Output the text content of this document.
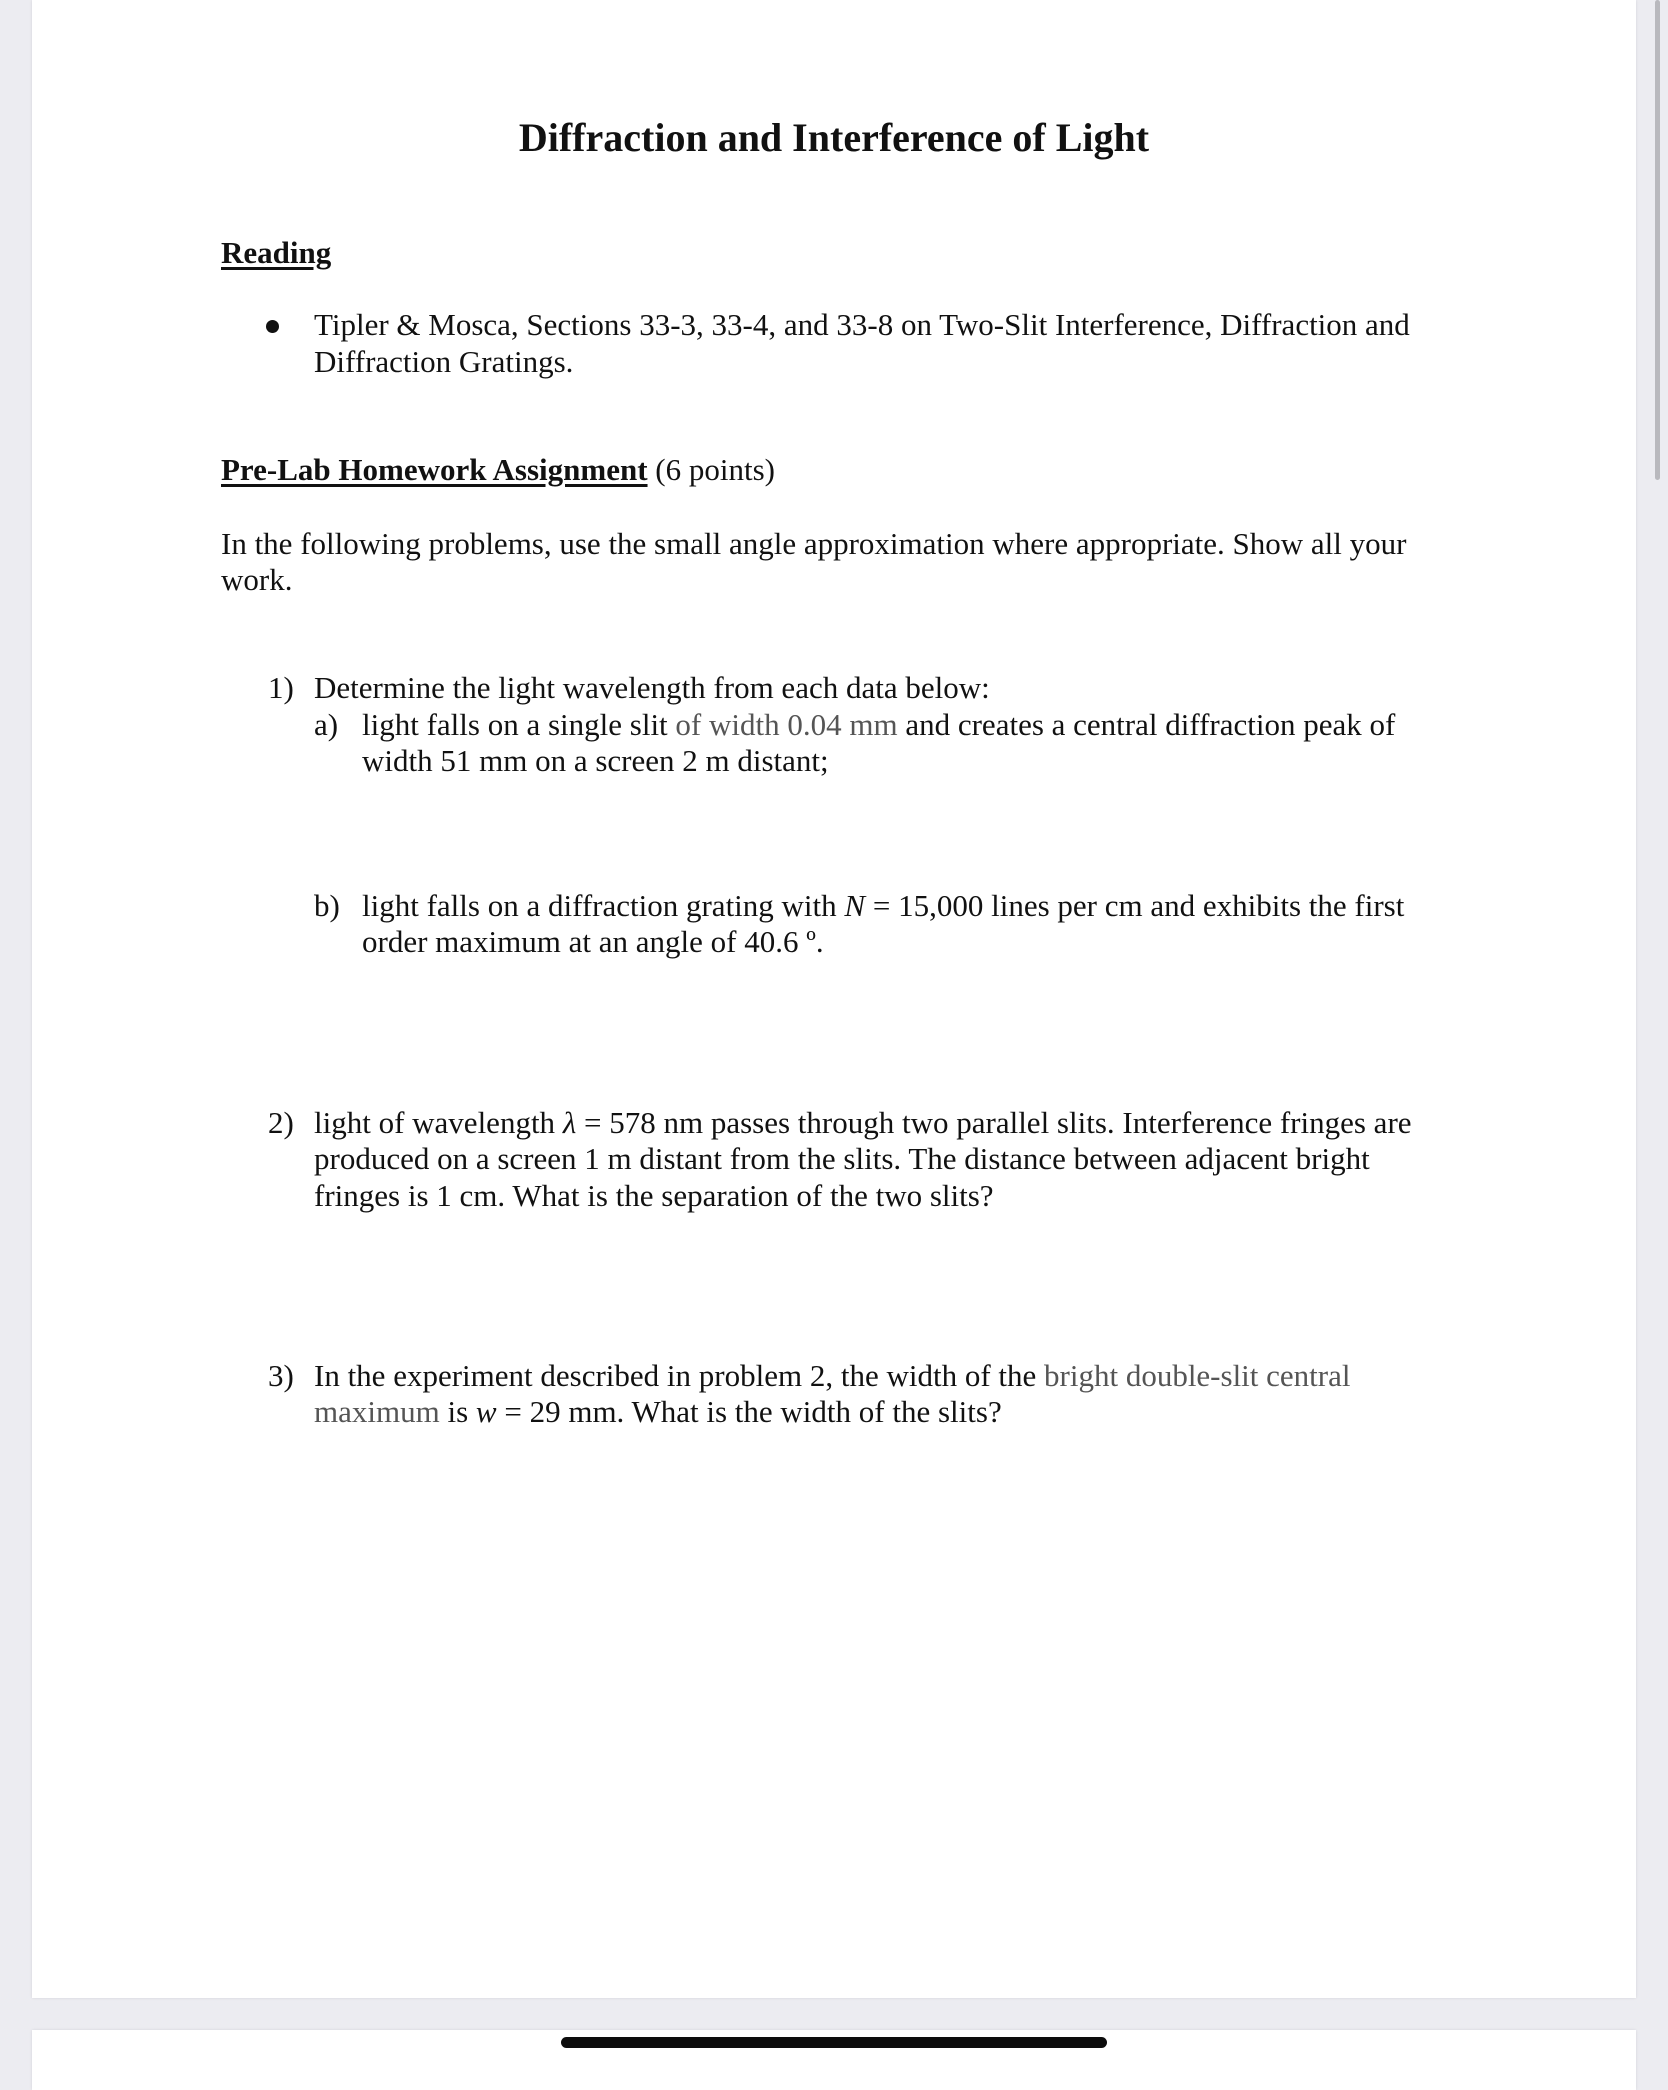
Diffraction and Interference of Light
Reading
Tipler & Mosca, Sections 33-3, 33-4, and 33-8 on Two-Slit Interference, Diffraction and
Diffraction Gratings.
Pre-Lab Homework Assignment (6 points)
In the following problems, use the small angle approximation where appropriate. Show all your
work.
1) Determine the light wavelength from each data below:
a) light falls on a single slit of width 0.04 mm and creates a central diffraction peak of
width 51 mm on a screen 2 m distant;
b) light falls on a diffraction grating with N = 15,000 lines per cm and exhibits the first
order maximum at an angle of 40.6 º.
2) light of wavelength λ = 578 nm passes through two parallel slits. Interference fringes are
produced on a screen 1 m distant from the slits. The distance between adjacent bright
fringes is 1 cm. What is the separation of the two slits?
3) In the experiment described in problem 2, the width of the bright double-slit central
maximum is w = 29 mm. What is the width of the slits?
